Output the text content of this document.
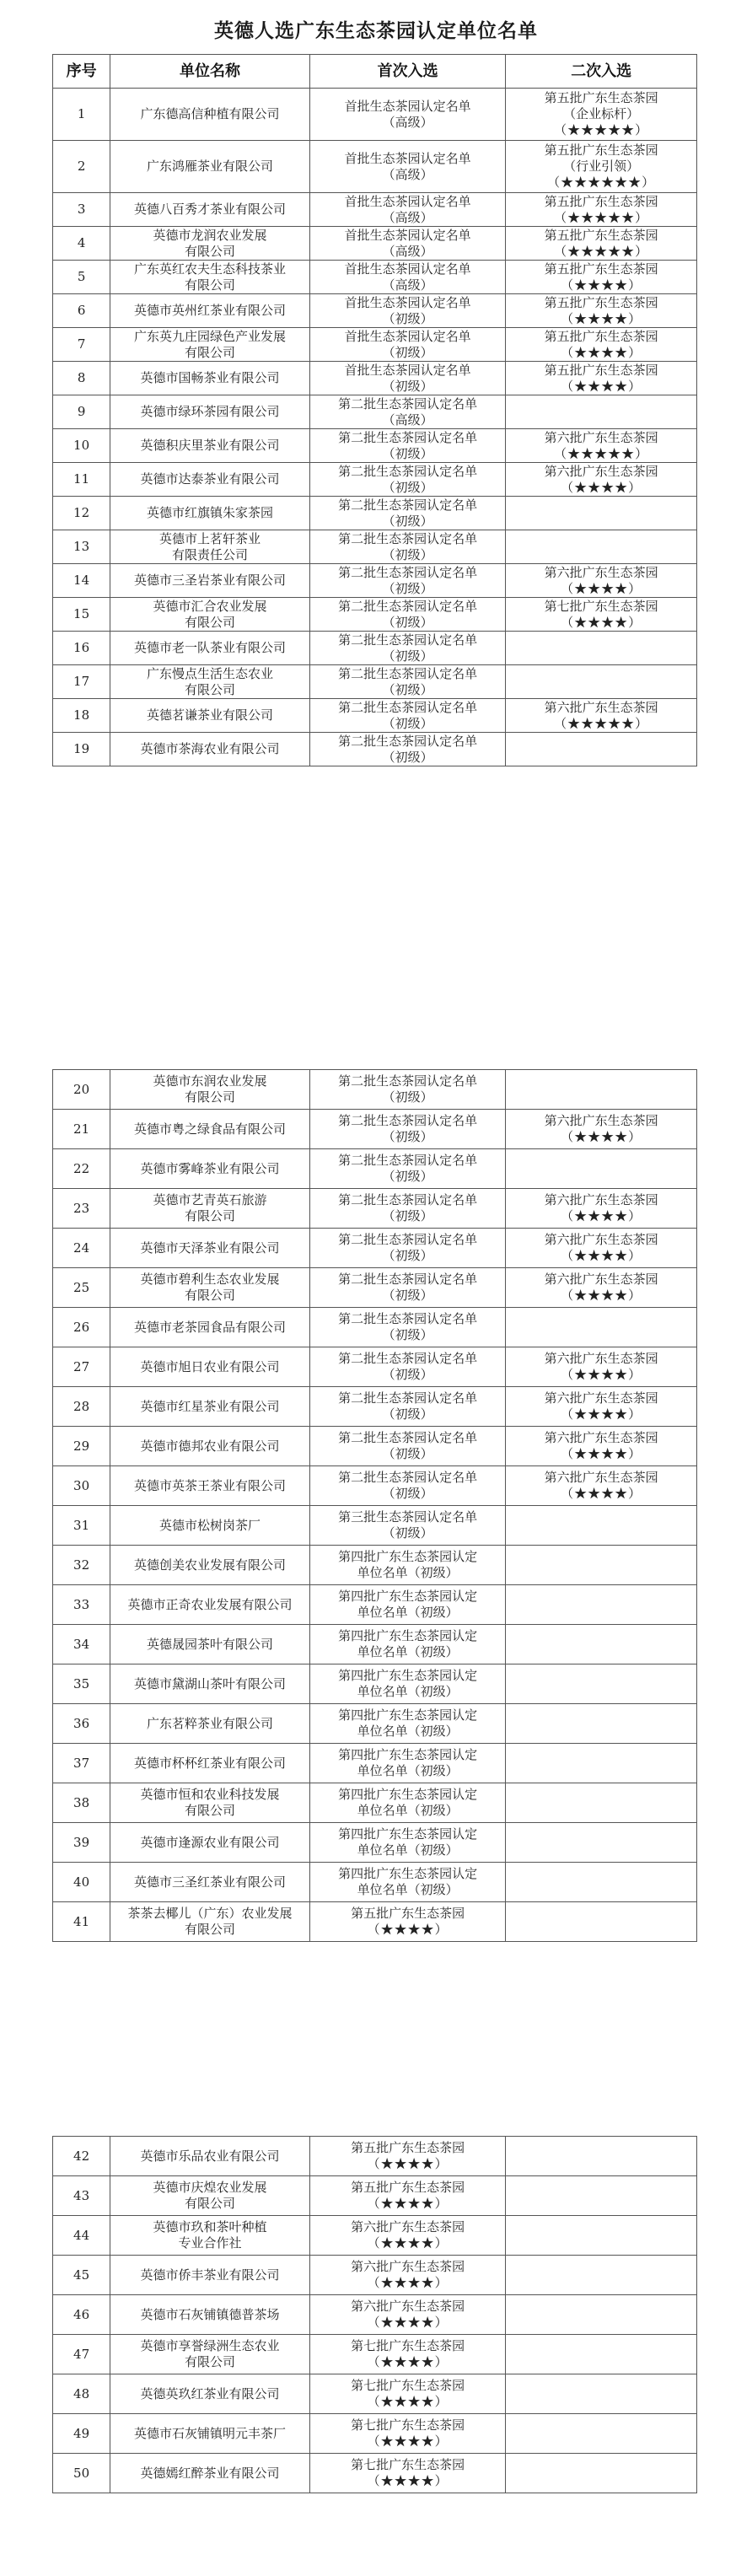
英德人选广东生态茶园认定单位名单
序号	单位名称	首次入选	二次入选
1	广东德高信种植有限公司	首批生态茶园认定名单
（高级）	第五批广东生态茶园
（企业标杆）
（★★★★★）

2	广东鸿雁茶业有限公司	首批生态茶园认定名单
（高级）	第五批广东生态茶园
（行业引领）
（★★★★★★）

3	英德八百秀才茶业有限公司	首批生态茶园认定名单
（高级）	第五批广东生态茶园
（★★★★★）

4	英德市龙润农业发展
有限公司	首批生态茶园认定名单
（高级）	第五批广东生态茶园
（★★★★★）

5	广东英红农夫生态科技茶业
有限公司	首批生态茶园认定名单
（高级）	第五批广东生态茶园
（★★★★）

6	英德市英州红茶业有限公司	首批生态茶园认定名单
（初级）	第五批广东生态茶园
（★★★★）

7	广东英九庄园绿色产业发展
有限公司	首批生态茶园认定名单
（初级）	第五批广东生态茶园
（★★★★）

8	英德市国畅茶业有限公司	首批生态茶园认定名单
（初级）	第五批广东生态茶园
（★★★★）

9	英德市绿环茶园有限公司	第二批生态茶园认定名单
（高级）	

10	英德积庆里茶业有限公司	第二批生态茶园认定名单
（初级）	第六批广东生态茶园
（★★★★★）

11	英德市达泰茶业有限公司	第二批生态茶园认定名单
（初级）	第六批广东生态茶园
（★★★★）

12	英德市红旗镇朱家茶园	第二批生态茶园认定名单
（初级）	

13	英德市上茗轩茶业
有限责任公司	第二批生态茶园认定名单
（初级）	

14	英德市三圣岩茶业有限公司	第二批生态茶园认定名单
（初级）	第六批广东生态茶园
（★★★★）

15	英德市汇合农业发展
有限公司	第二批生态茶园认定名单
（初级）	第七批广东生态茶园
（★★★★）

16	英德市老一队茶业有限公司	第二批生态茶园认定名单
（初级）	

17	广东慢点生活生态农业
有限公司	第二批生态茶园认定名单
（初级）	

18	英德茗谦茶业有限公司	第二批生态茶园认定名单
（初级）	第六批广东生态茶园
（★★★★★）

19	英德市茶海农业有限公司	第二批生态茶园认定名单
（初级）	

20	英德市东润农业发展
有限公司	第二批生态茶园认定名单
（初级）	

21	英德市粤之绿食品有限公司	第二批生态茶园认定名单
（初级）	第六批广东生态茶园
（★★★★）

22	英德市雾峰茶业有限公司	第二批生态茶园认定名单
（初级）	

23	英德市艺青英石旅游
有限公司	第二批生态茶园认定名单
（初级）	第六批广东生态茶园
（★★★★）

24	英德市天泽茶业有限公司	第二批生态茶园认定名单
（初级）	第六批广东生态茶园
（★★★★）

25	英德市碧利生态农业发展
有限公司	第二批生态茶园认定名单
（初级）	第六批广东生态茶园
（★★★★）

26	英德市老茶园食品有限公司	第二批生态茶园认定名单
（初级）	

27	英德市旭日农业有限公司	第二批生态茶园认定名单
（初级）	第六批广东生态茶园
（★★★★）

28	英德市红星茶业有限公司	第二批生态茶园认定名单
（初级）	第六批广东生态茶园
（★★★★）

29	英德市德邦农业有限公司	第二批生态茶园认定名单
（初级）	第六批广东生态茶园
（★★★★）

30	英德市英茶王茶业有限公司	第二批生态茶园认定名单
（初级）	第六批广东生态茶园
（★★★★）

31	英德市松树岗茶厂	第三批生态茶园认定名单
（初级）	

32	英德创美农业发展有限公司	第四批广东生态茶园认定
单位名单（初级）	

33	英德市正奇农业发展有限公司	第四批广东生态茶园认定
单位名单（初级）	

34	英德晟园茶叶有限公司	第四批广东生态茶园认定
单位名单（初级）	

35	英德市黛湖山茶叶有限公司	第四批广东生态茶园认定
单位名单（初级）	

36	广东茗粹茶业有限公司	第四批广东生态茶园认定
单位名单（初级）	

37	英德市杯杯红茶业有限公司	第四批广东生态茶园认定
单位名单（初级）	

38	英德市恒和农业科技发展
有限公司	第四批广东生态茶园认定
单位名单（初级）	

39	英德市逢源农业有限公司	第四批广东生态茶园认定
单位名单（初级）	

40	英德市三圣红茶业有限公司	第四批广东生态茶园认定
单位名单（初级）	

41	茶茶去椰儿（广东）农业发展
有限公司	第五批广东生态茶园
（★★★★）	

42	英德市乐品农业有限公司	第五批广东生态茶园
（★★★★）	

43	英德市庆煌农业发展
有限公司	第五批广东生态茶园
（★★★★）	

44	英德市玖和茶叶种植
专业合作社	第六批广东生态茶园
（★★★★）	

45	英德市侨丰茶业有限公司	第六批广东生态茶园
（★★★★）	

46	英德市石灰铺镇德普茶场	第六批广东生态茶园
（★★★★）	

47	英德市享誉绿洲生态农业
有限公司	第七批广东生态茶园
（★★★★）	

48	英德英玖红茶业有限公司	第七批广东生态茶园
（★★★★）	

49	英德市石灰铺镇明元丰茶厂	第七批广东生态茶园
（★★★★）	

50	英德嫣红醉茶业有限公司	第七批广东生态茶园
（★★★★）	
